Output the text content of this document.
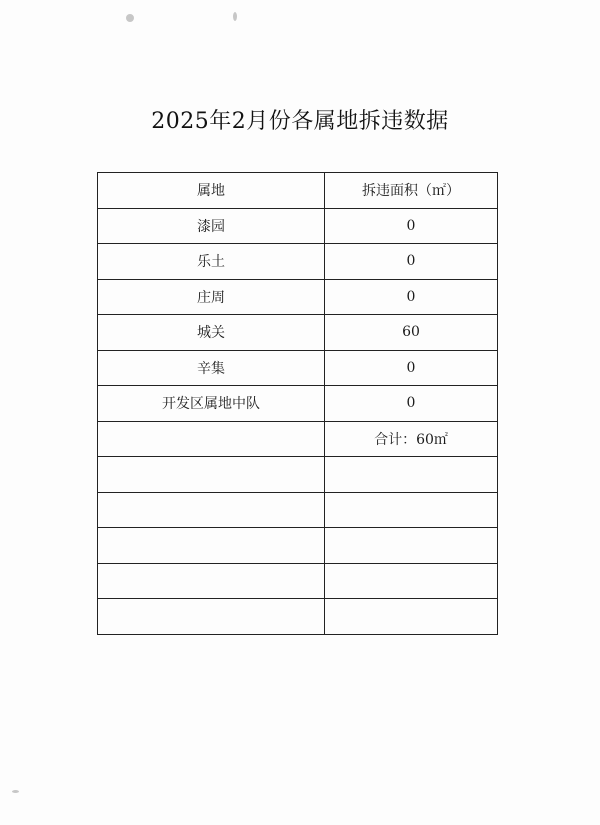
2025年2月份各属地拆违数据
属地	拆违面积（㎡）
漆园	0
乐土	0
庄周	0
城关	60
辛集	0
开发区属地中队	0
	合计：60㎡
